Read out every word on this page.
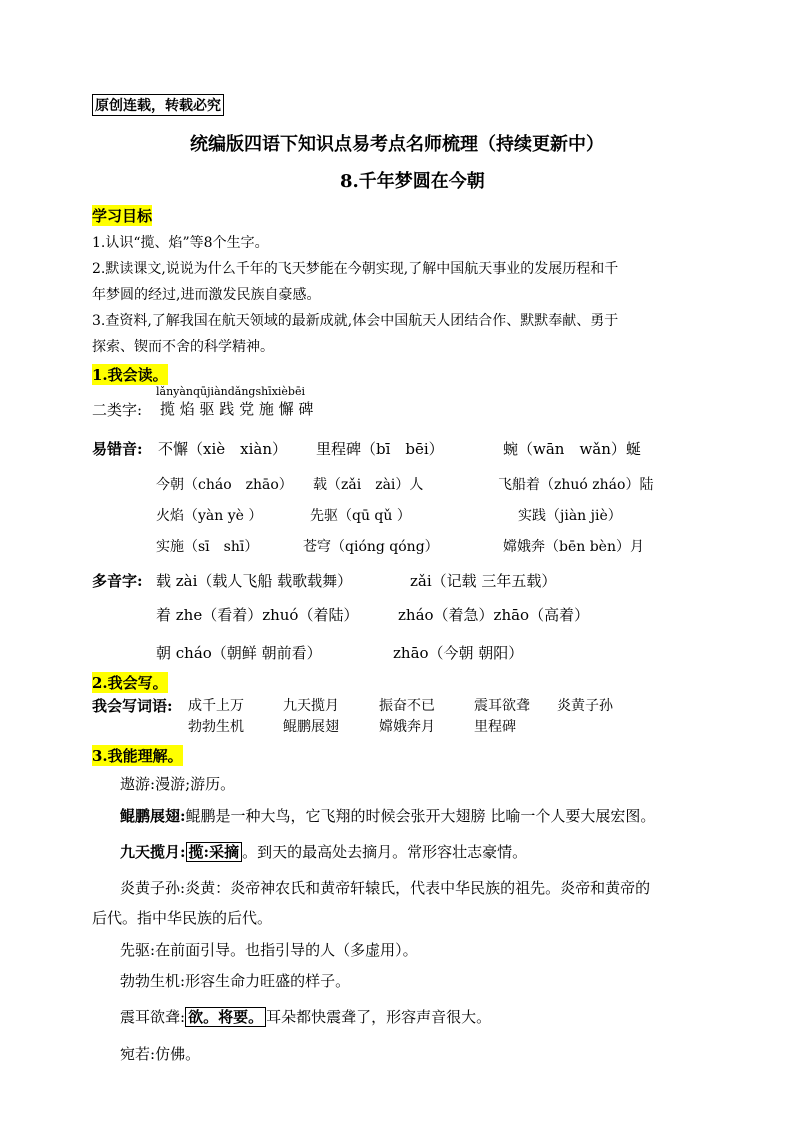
原创连载，转载必究
统编版四语下知识点易考点名师梳理（持续更新中）
8.千年梦圆在今朝
学习目标
1.认识“揽、焰”等8个生字。
2.默读课文,说说为什么千年的飞天梦能在今朝实现,了解中国航天事业的发展历程和千
年梦圆的经过,进而激发民族自豪感。
3.查资料,了解我国在航天领域的最新成就,体会中国航天人团结合作、默默奉献、勇于
探索、锲而不舍的科学精神。
1.我会读。
lǎnyànqūjiàndǎngshīxièbēi
二类字: 揽 焰 驱 践 党 施 懈 碑
易错音: 不懈（xiè　xiàn） 里程碑（bī　bēi）	蜿（wān　wǎn）蜒
今朝（cháo　zhāo） 载（zǎi　zài）人	飞船着（zhuó zháo）陆
火焰（yàn yè ）	先驱（qū qǔ ）	实践（jiàn jiè）
实施（sī　shī）	苍穹（qióng qóng）	嫦娥奔（bēn bèn）月
多音字: 载 zài（载人飞船 载歌载舞）	zǎi（记载 三年五载）
着 zhe（看着）zhuó（着陆）	zháo（着急）zhāo（高着）
朝 cháo（朝鲜 朝前看）	zhāo（今朝 朝阳）
2.我会写。
我会写词语: 成千上万	九天揽月	振奋不已	震耳欲聋 炎黄子孙
勃勃生机	鲲鹏展翅	嫦娥奔月	里程碑
3.我能理解。
遨游:漫游;游历。
鲲鹏展翅:鲲鹏是一种大鸟，它飞翔的时候会张开大翅膀 比喻一个人要大展宏图。
九天揽月: 揽:采摘 。到天的最高处去摘月。常形容壮志豪情。
炎黄子孙:炎黄：炎帝神农氏和黄帝轩辕氏，代表中华民族的祖先。炎帝和黄帝的
后代。指中华民族的后代。
先驱:在前面引导。也指引导的人（多虚用）。
勃勃生机:形容生命力旺盛的样子。
震耳欲聋: 欲。将要。 耳朵都快震聋了，形容声音很大。
宛若:仿佛。
